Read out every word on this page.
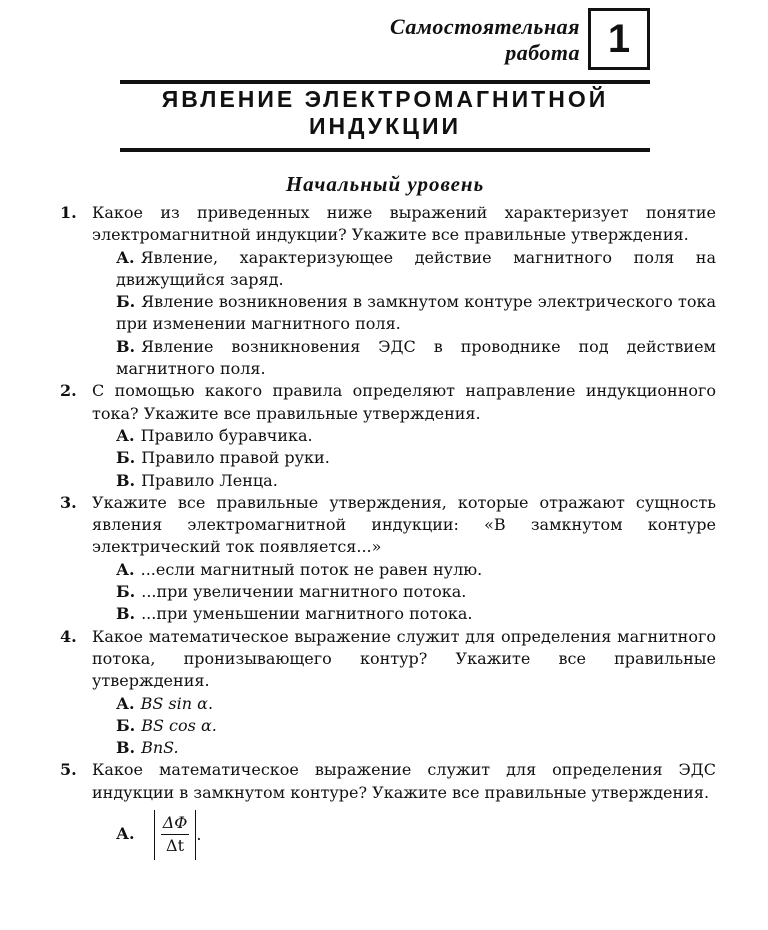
Самостоятельная
работа 1
ЯВЛЕНИЕ ЭЛЕКТРОМАГНИТНОЙ
ИНДУКЦИИ
Начальный уровень
1. Какое из приведенных ниже выражений характеризует понятие электромагнитной индукции? Укажите все правильные утверждения.
А. Явление, характеризующее действие магнитного поля на движущийся заряд.
Б. Явление возникновения в замкнутом контуре электрического тока при изменении магнитного поля.
В. Явление возникновения ЭДС в проводнике под действием магнитного поля.
2. С помощью какого правила определяют направление индукционного тока? Укажите все правильные утверждения.
А. Правило буравчика.
Б. Правило правой руки.
В. Правило Ленца.
3. Укажите все правильные утверждения, которые отражают сущность явления электромагнитной индукции: «В замкнутом контуре электрический ток появляется...»
А. ...если магнитный поток не равен нулю.
Б. ...при увеличении магнитного потока.
В. ...при уменьшении магнитного потока.
4. Какое математическое выражение служит для определения магнитного потока, пронизывающего контур? Укажите все правильные утверждения.
А. BS sin α.
Б. BS cos α.
В. BnS.
5. Какое математическое выражение служит для определения ЭДС индукции в замкнутом контуре? Укажите все правильные утверждения.
А. $\frac{\Delta\Phi}{\Delta t}$ .
